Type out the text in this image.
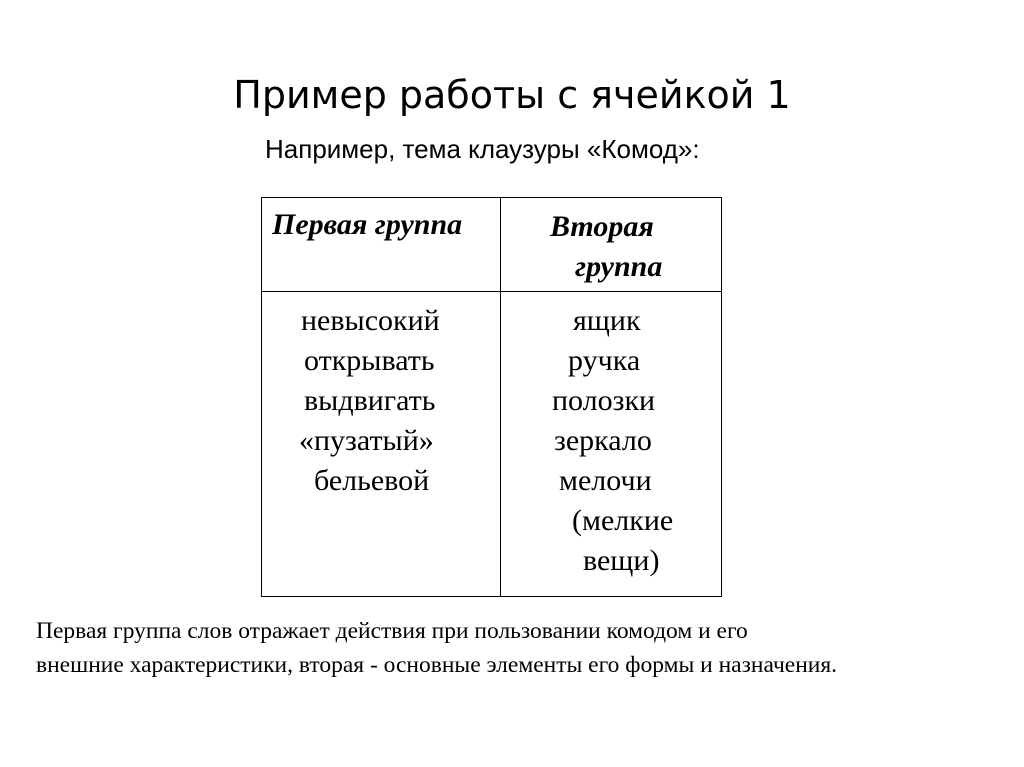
Пример работы с ячейкой 1
Например, тема клаузуры «Комод»:
Первая группа	Вторая
группа
невысокий
открывать
выдвигать
«пузатый»
бельевой
ящик
ручка
полозки
зеркало
мелочи
(мелкие
вещи)
Первая группа слов отражает действия при пользовании комодом и его
внешние характеристики, вторая - основные элементы его формы и назначения.
